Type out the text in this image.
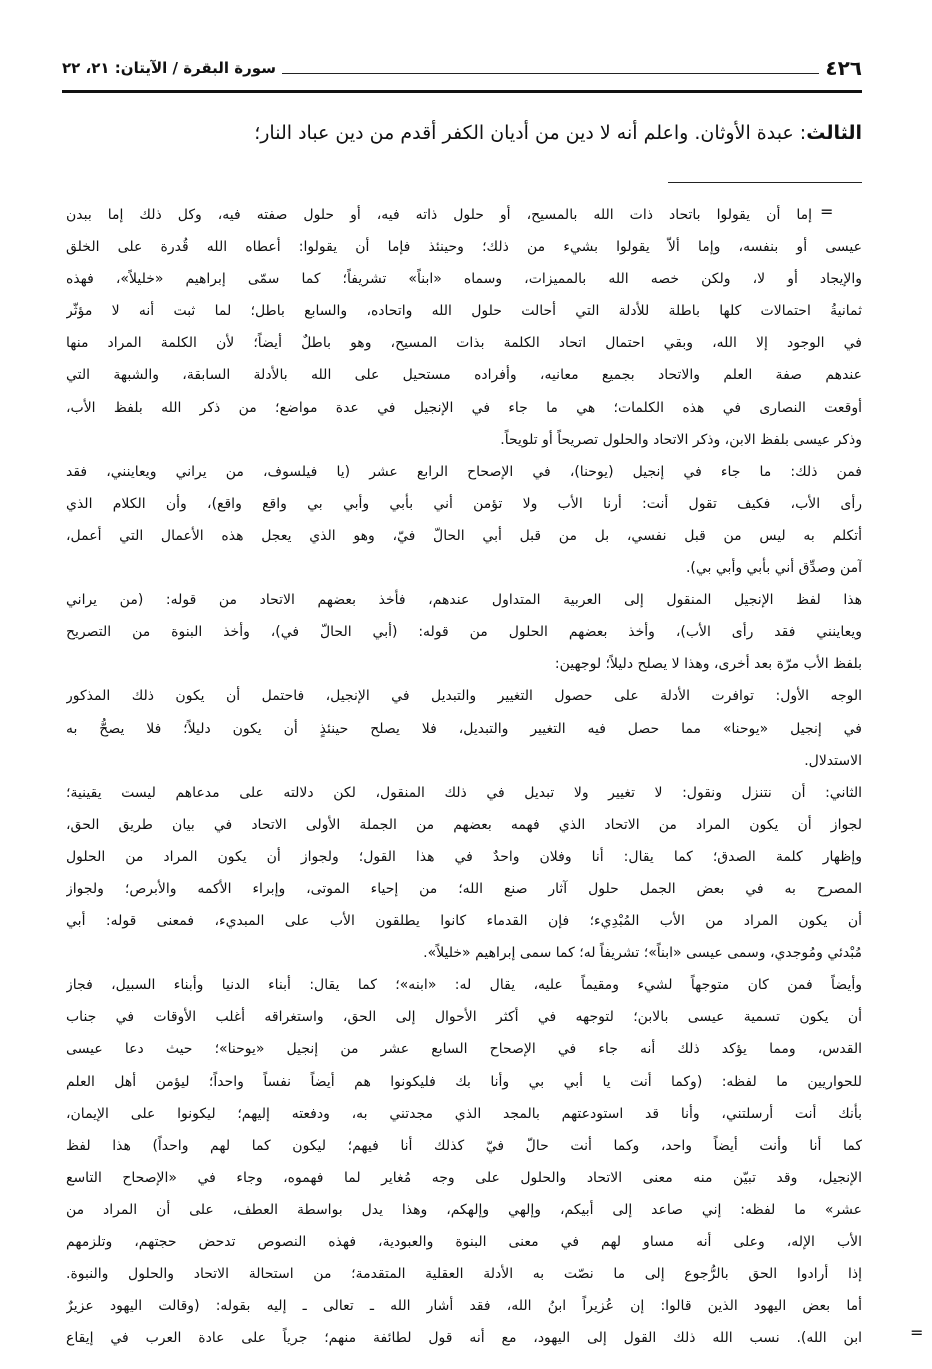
٤٢٦
سورة البقرة / الآيتان: ٢١، ٢٢
الثالث: عبدة الأوثان. واعلم أنه لا دين من أديان الكفر أقدم من دين عباد النار؛
=
إما أن يقولوا باتحاد ذات الله بالمسيح، أو حلول ذاته فيه، أو حلول صفته فيه، وكل ذلك إما ببدن
عيسى أو بنفسه، وإما ألاّ يقولوا بشيء من ذلك؛ وحينئذ فإما أن يقولوا: أعطاه الله قُدرة على الخلق
والإيجاد أو لا، ولكن خصه الله بالمميزات، وسماه «ابناً» تشريفاً؛ كما سمّى إبراهيم «خليلاً»، فهذه
ثمانيةُ احتمالات كلها باطلة للأدلة التي أحالت حلول الله واتحاده، والسابع باطل؛ لما ثبت أنه لا مؤثّر
في الوجود إلا الله، وبقي احتمال اتحاد الكلمة بذات المسيح، وهو باطلٌ أيضاً؛ لأن الكلمة المراد منها
عندهم صفة العلم والاتحاد بجميع معانيه، وأفراده مستحيل على الله بالأدلة السابقة، والشبهة التي
أوقعت النصارى في هذه الكلمات؛ هي ما جاء في الإنجيل في عدة مواضع؛ من ذكر الله بلفظ الأب،
وذكر عيسى بلفظ الابن، وذكر الاتحاد والحلول تصريحاً أو تلويحاً.
فمن ذلك: ما جاء في إنجيل (يوحنا)، في الإصحاح الرابع عشر (يا فيلسوف، من يراني ويعاينني، فقد
رأى الأب، فكيف تقول أنت: أرنا الأب ولا تؤمن أني بأبي وأبي بي واقع واقع)، وأن الكلام الذي
أتكلم به ليس من قبل نفسي، بل من قبل أبي الحالّ فيّ، وهو الذي يعجل هذه الأعمال التي أعمل،
آمن وصدِّق أني بأبي وأبي بي).
هذا لفظ الإنجيل المنقول إلى العربية المتداول عندهم، فأخذ بعضهم الاتحاد من قوله: (من يراني
ويعاينني فقد رأى الأب)، وأخذ بعضهم الحلول من قوله: (أبي الحالّ في)، وأخذ البنوة من التصريح
بلفظ الأب مرّة بعد أخرى، وهذا لا يصلح دليلاً؛ لوجهين:
الوجه الأول: توافرت الأدلة على حصول التغيير والتبديل في الإنجيل، فاحتمل أن يكون ذلك المذكور
في إنجيل «يوحنا» مما حصل فيه التغيير والتبديل، فلا يصلح حينئذٍ أن يكون دليلاً؛ فلا يصحُّ به
الاستدلال.
الثاني: أن نتنزل ونقول: لا تغيير ولا تبديل في ذلك المنقول، لكن دلالته على مدعاهم ليست يقينية؛
لجواز أن يكون المراد من الاتحاد الذي فهمه بعضهم من الجملة الأولى الاتحاد في بيان طريق الحق،
وإظهار كلمة الصدق؛ كما يقال: أنا وفلان واحدٌ في هذا القول؛ ولجواز أن يكون المراد من الحلول
المصرح به في بعض الجمل حلول آثار صنع الله؛ من إحياء الموتى، وإبراء الأكمه والأبرص؛ ولجواز
أن يكون المراد من الأب المُبْدِيء؛ فإن القدماء كانوا يطلقون الأب على المبديء، فمعنى قوله: أبي
مُبْدئي ومُوجدي، وسمى عيسى «ابناً»؛ تشريفاً له؛ كما سمى إبراهيم «خليلاً».
وأيضاً فمن كان متوجهاً لشيء ومقيماً عليه، يقال له: «ابنه»؛ كما يقال: أبناء الدنيا وأبناء السبيل، فجاز
أن يكون تسمية عيسى بالابن؛ لتوجهه في أكثر الأحوال إلى الحق، واستغراقه أغلب الأوقات في جناب
القدس، ومما يؤكد ذلك أنه جاء في الإصحاح السابع عشر من إنجيل «يوحنا»؛ حيث دعا عيسى
للحواريين ما لفظه: (وكما أنت يا أبي بي وأنا بك فليكونوا هم أيضاً نفساً واحداً؛ ليؤمن أهل العلم
بأنك أنت أرسلتني، وأنا قد استودعتهم بالمجد الذي مجدتني به، ودفعته إليهم؛ ليكونوا على الإيمان،
كما أنا وأنت أيضاً واحد، وكما أنت حالّ فيّ كذلك أنا فيهم؛ ليكون كما لهم واحداً) هذا لفظ
الإنجيل، وقد تبيّن منه معنى الاتحاد والحلول على وجه مُغاير لما فهموه، وجاء في «الإصحاح التاسع
عشر» ما لفظه: إني صاعد إلى أبيكم، وإلهي وإلهكم، وهذا يدل بواسطة العطف، على أن المراد من
الأب الإله، وعلى أنه مساو لهم في معنى البنوة والعبودية، فهذه النصوص تدحض حجتهم، وتلزمهم
إذا أرادوا الحق بالرُّجوع إلى ما نصّت به الأدلة العقلية المتقدمة؛ من استحالة الاتحاد والحلول والنبوة.
أما بعض اليهود الذين قالوا: إن عُزيراً ابنُ الله، فقد أشار الله ـ تعالى ـ إليه بقوله: (وقالت اليهود عزيرٌ
ابن الله). نسب الله ذلك القول إلى اليهود، مع أنه قول لطائفة منهم؛ جرياً على عادة العرب في إيقاع	=
